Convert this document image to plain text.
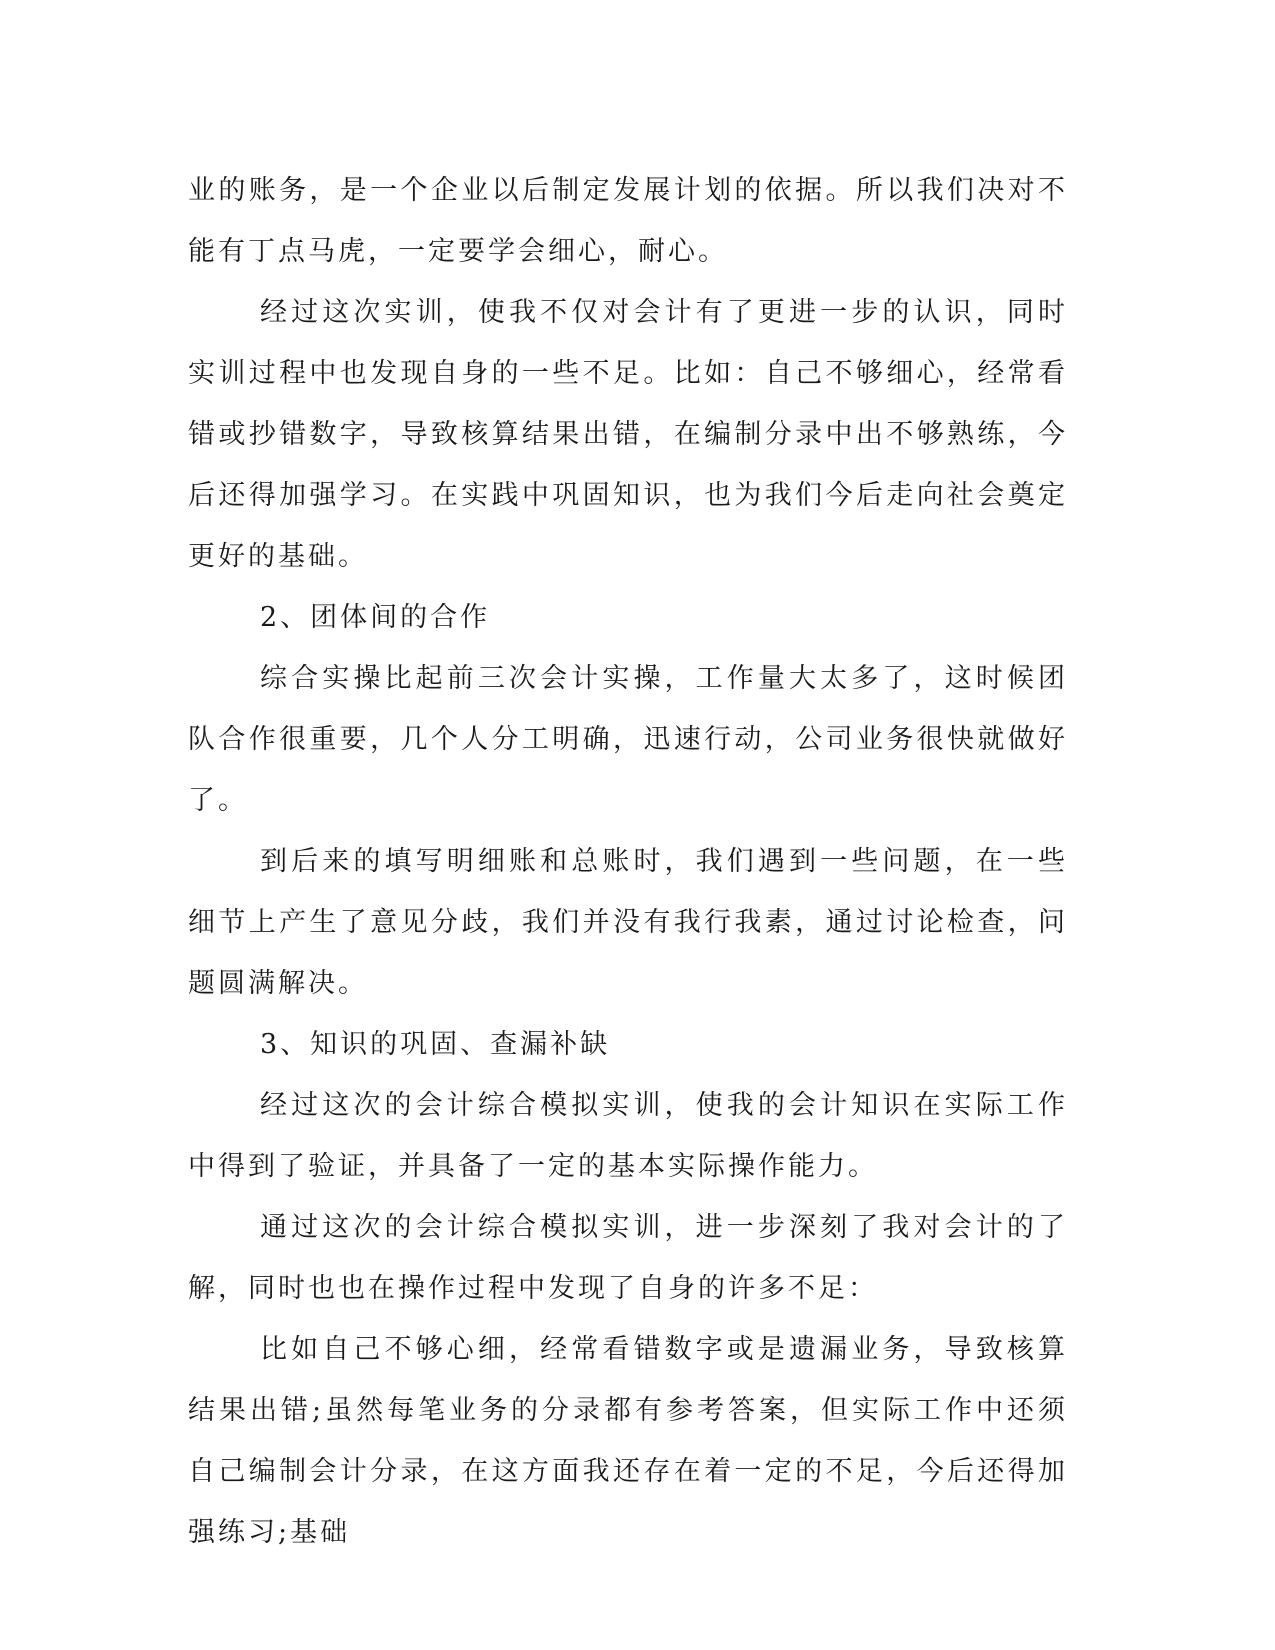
业的账务，是一个企业以后制定发展计划的依据。所以我们决对不能有丁点马虎，一定要学会细心，耐心。

经过这次实训，使我不仅对会计有了更进一步的认识，同时实训过程中也发现自身的一些不足。比如：自己不够细心，经常看错或抄错数字，导致核算结果出错，在编制分录中出不够熟练，今后还得加强学习。在实践中巩固知识，也为我们今后走向社会奠定更好的基础。

2、团体间的合作

综合实操比起前三次会计实操，工作量大太多了，这时候团队合作很重要，几个人分工明确，迅速行动，公司业务很快就做好了。

到后来的填写明细账和总账时，我们遇到一些问题，在一些细节上产生了意见分歧，我们并没有我行我素，通过讨论检查，问题圆满解决。

3、知识的巩固、查漏补缺

经过这次的会计综合模拟实训，使我的会计知识在实际工作中得到了验证，并具备了一定的基本实际操作能力。

通过这次的会计综合模拟实训，进一步深刻了我对会计的了解，同时也也在操作过程中发现了自身的许多不足：

比如自己不够心细，经常看错数字或是遗漏业务，导致核算结果出错;虽然每笔业务的分录都有参考答案，但实际工作中还须自己编制会计分录，在这方面我还存在着一定的不足，今后还得加强练习;基础
